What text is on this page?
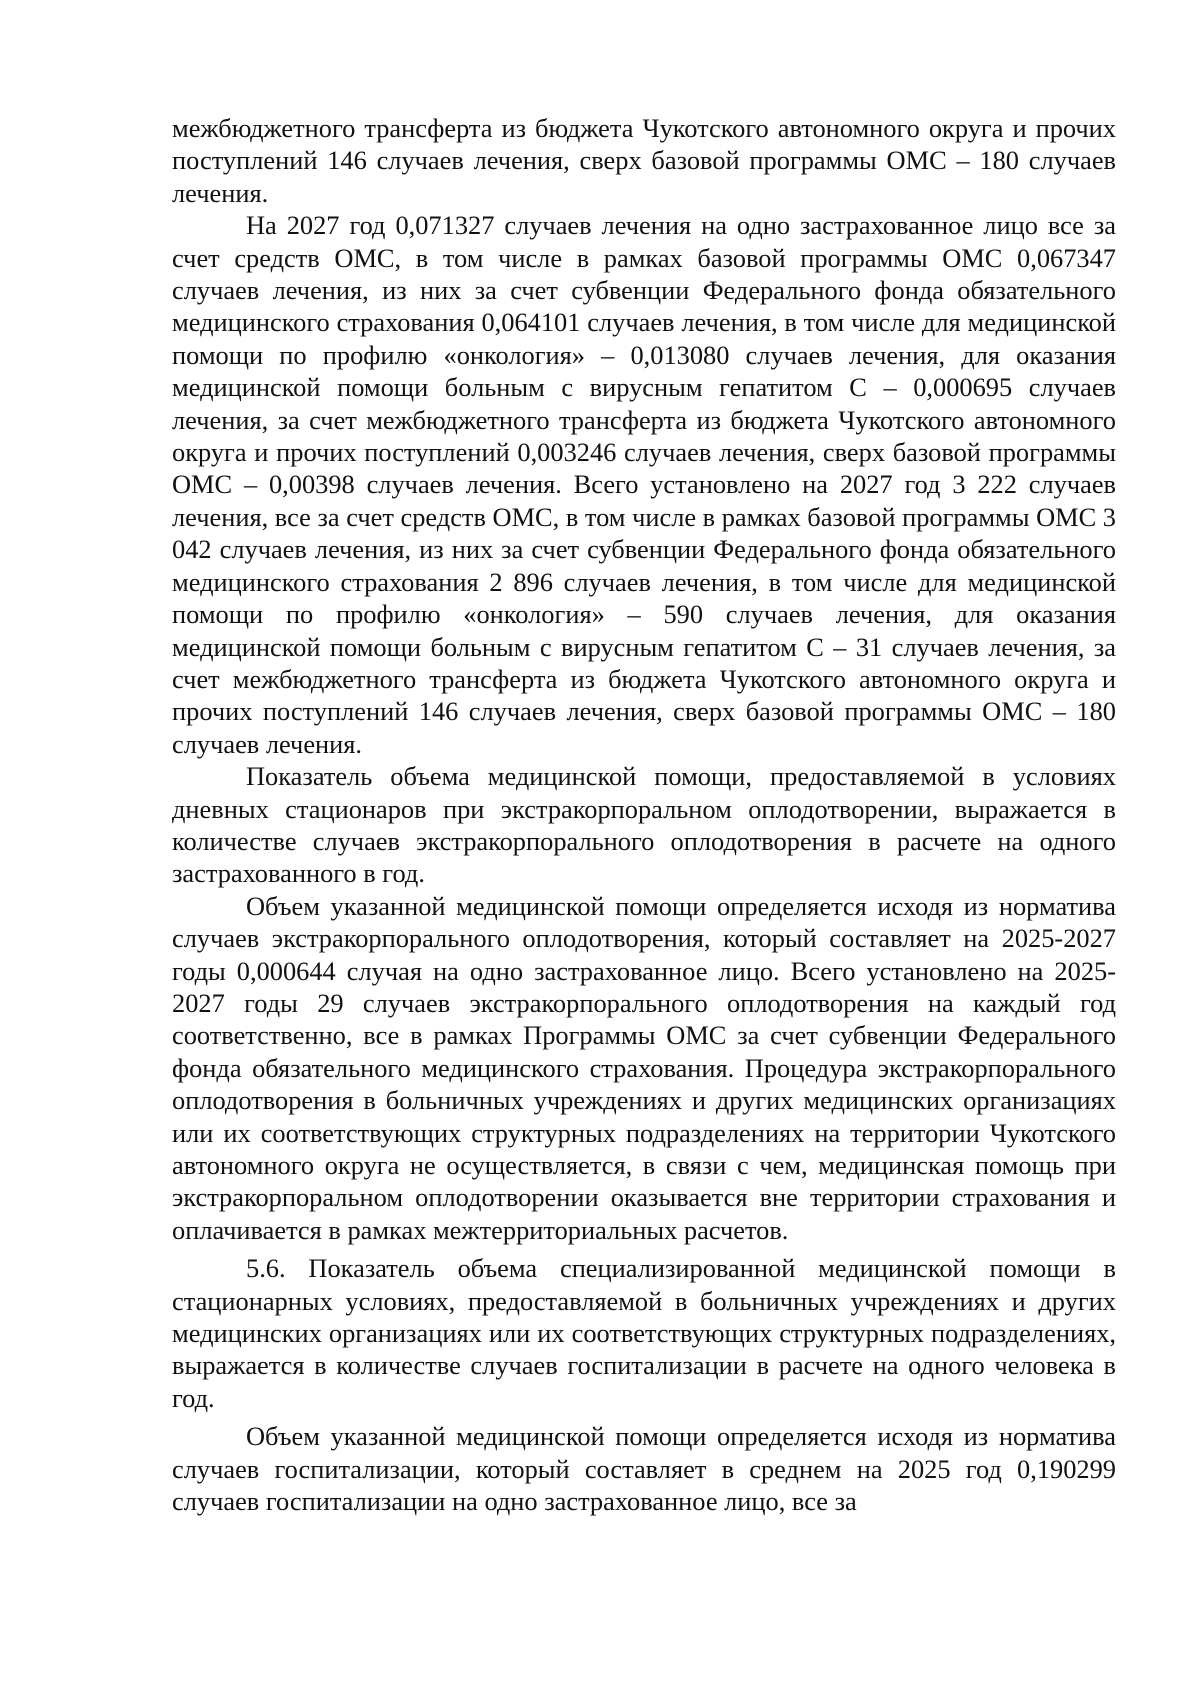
межбюджетного трансферта из бюджета Чукотского автономного округа и прочих поступлений 146 случаев лечения, сверх базовой программы ОМС – 180 случаев лечения.

На 2027 год 0,071327 случаев лечения на одно застрахованное лицо все за счет средств ОМС, в том числе в рамках базовой программы ОМС 0,067347 случаев лечения, из них за счет субвенции Федерального фонда обязательного медицинского страхования 0,064101 случаев лечения, в том числе для медицинской помощи по профилю «онкология» – 0,013080 случаев лечения, для оказания медицинской помощи больным с вирусным гепатитом С – 0,000695 случаев лечения, за счет межбюджетного трансферта из бюджета Чукотского автономного округа и прочих поступлений 0,003246 случаев лечения, сверх базовой программы ОМС – 0,00398 случаев лечения. Всего установлено на 2027 год 3 222 случаев лечения, все за счет средств ОМС, в том числе в рамках базовой программы ОМС 3 042 случаев лечения, из них за счет субвенции Федерального фонда обязательного медицинского страхования 2 896 случаев лечения, в том числе для медицинской помощи по профилю «онкология» – 590 случаев лечения, для оказания медицинской помощи больным с вирусным гепатитом С – 31 случаев лечения, за счет межбюджетного трансферта из бюджета Чукотского автономного округа и прочих поступлений 146 случаев лечения, сверх базовой программы ОМС – 180 случаев лечения.

Показатель объема медицинской помощи, предоставляемой в условиях дневных стационаров при экстракорпоральном оплодотворении, выражается в количестве случаев экстракорпорального оплодотворения в расчете на одного застрахованного в год.

Объем указанной медицинской помощи определяется исходя из норматива случаев экстракорпорального оплодотворения, который составляет на 2025-2027 годы 0,000644 случая на одно застрахованное лицо. Всего установлено на 2025-2027 годы 29 случаев экстракорпорального оплодотворения на каждый год соответственно, все в рамках Программы ОМС за счет субвенции Федерального фонда обязательного медицинского страхования. Процедура экстракорпорального оплодотворения в больничных учреждениях и других медицинских организациях или их соответствующих структурных подразделениях на территории Чукотского автономного округа не осуществляется, в связи с чем, медицинская помощь при экстракорпоральном оплодотворении оказывается вне территории страхования и оплачивается в рамках межтерриториальных расчетов.

5.6. Показатель объема специализированной медицинской помощи в стационарных условиях, предоставляемой в больничных учреждениях и других медицинских организациях или их соответствующих структурных подразделениях, выражается в количестве случаев госпитализации в расчете на одного человека в год.

Объем указанной медицинской помощи определяется исходя из норматива случаев госпитализации, который составляет в среднем на 2025 год 0,190299 случаев госпитализации на одно застрахованное лицо, все за
